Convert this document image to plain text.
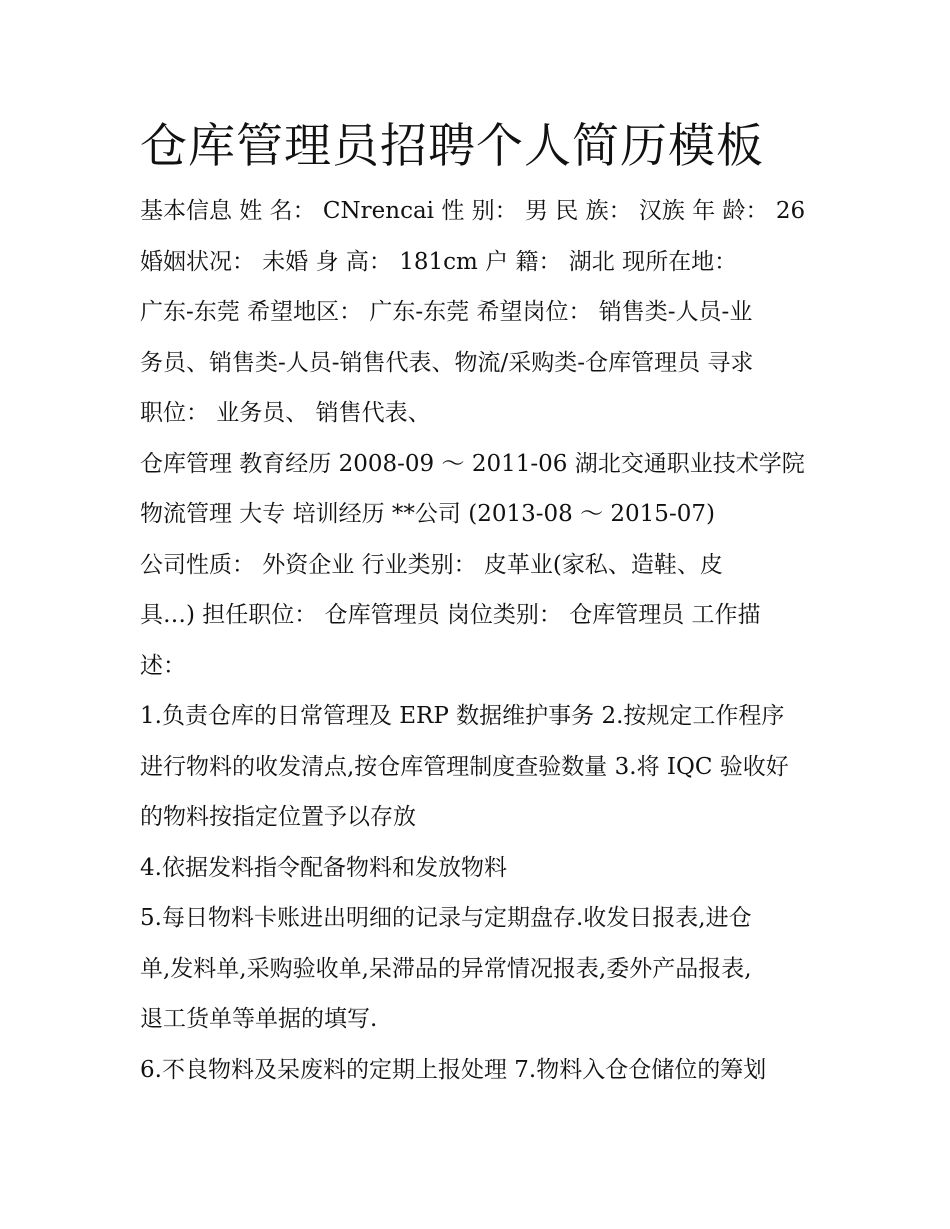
仓库管理员招聘个人简历模板
基本信息 姓 名： CNrencai 性 别： 男 民 族： 汉族 年 龄： 26
婚姻状况： 未婚 身 高： 181cm 户 籍： 湖北 现所在地：
广东-东莞 希望地区： 广东-东莞 希望岗位： 销售类-人员-业
务员、销售类-人员-销售代表、物流/采购类-仓库管理员 寻求
职位： 业务员、 销售代表、
仓库管理 教育经历 2008-09 ～ 2011-06 湖北交通职业技术学院
物流管理 大专 培训经历 **公司 (2013-08 ～ 2015-07)
公司性质： 外资企业 行业类别： 皮革业(家私、造鞋、皮
具…) 担任职位： 仓库管理员 岗位类别： 仓库管理员 工作描
述：
1.负责仓库的日常管理及 ERP 数据维护事务 2.按规定工作程序
进行物料的收发清点,按仓库管理制度查验数量 3.将 IQC 验收好
的物料按指定位置予以存放
4.依据发料指令配备物料和发放物料
5.每日物料卡账进出明细的记录与定期盘存.收发日报表,进仓
单,发料单,采购验收单,呆滞品的异常情况报表,委外产品报表,
退工货单等单据的填写.
6.不良物料及呆废料的定期上报处理 7.物料入仓仓储位的筹划
